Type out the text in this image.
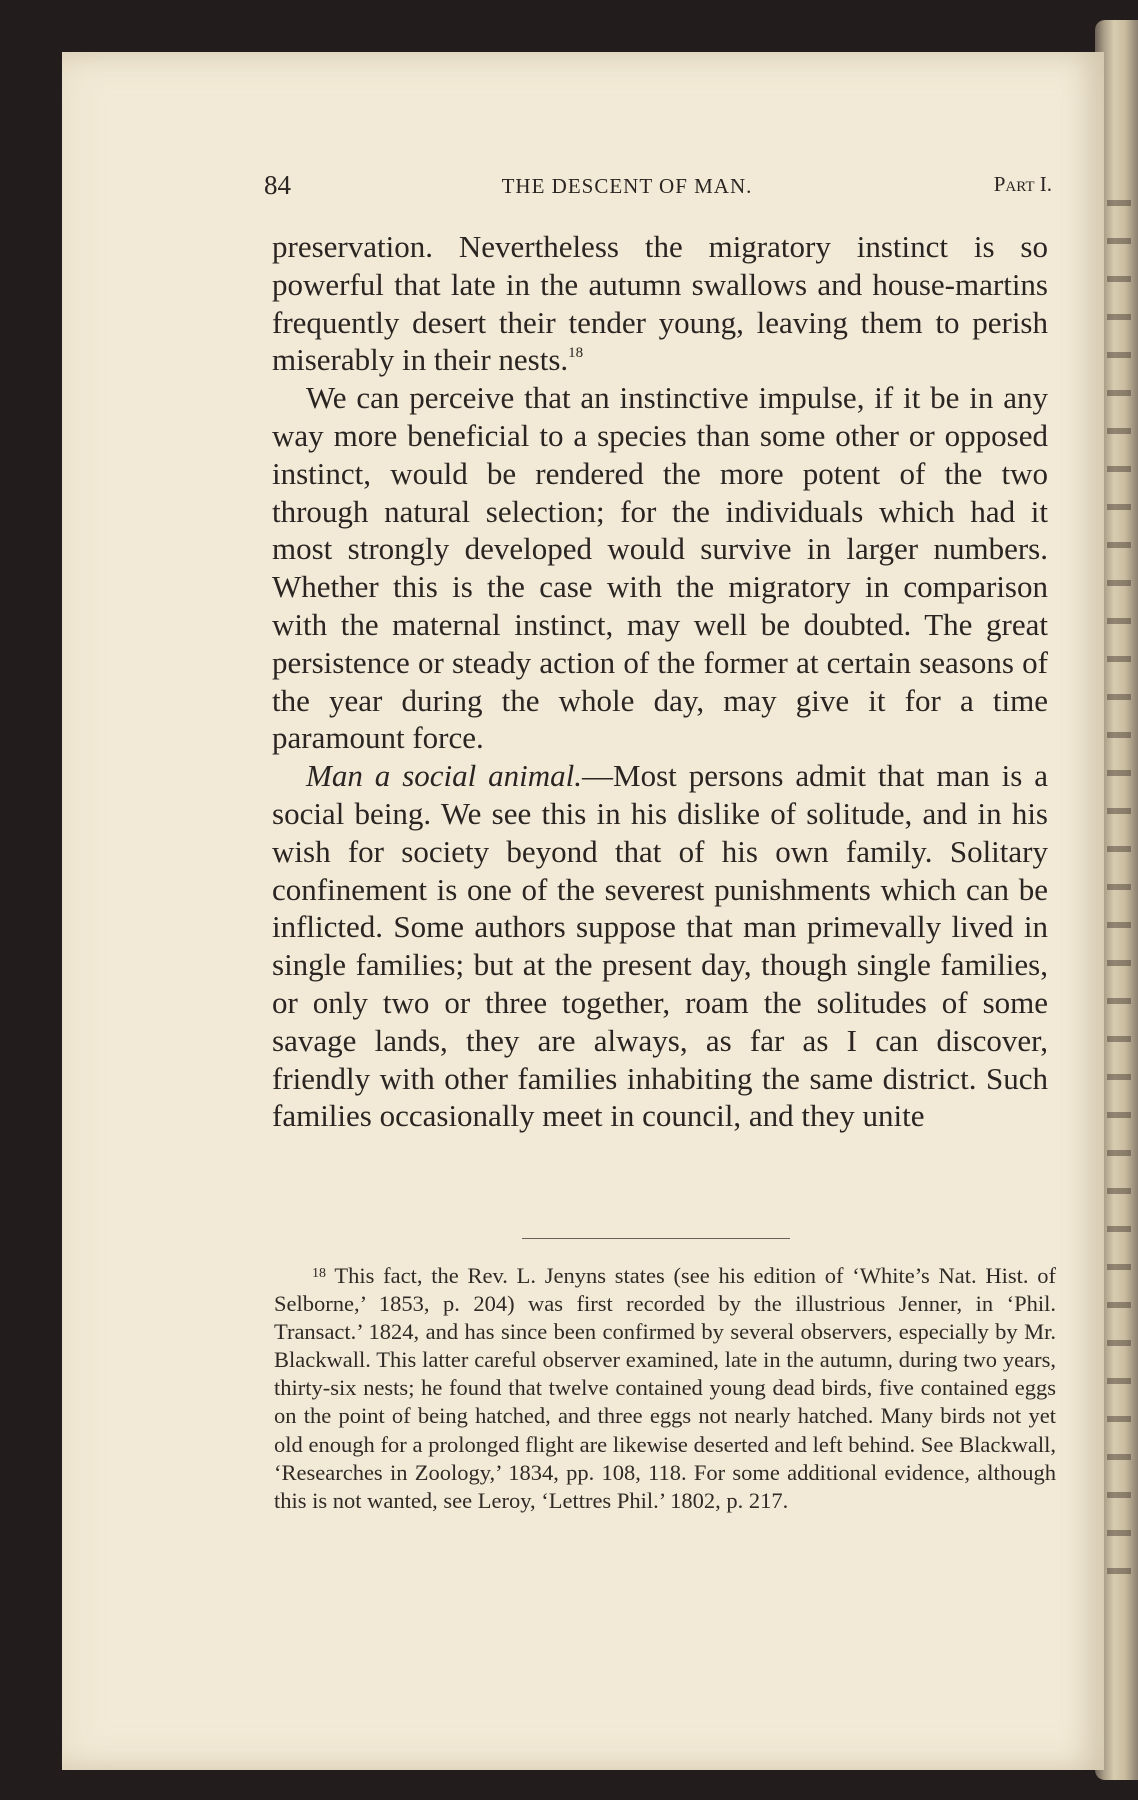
84	THE DESCENT OF MAN.	Part I.

preservation. Nevertheless the migratory instinct is so powerful that late in the autumn swallows and house-martins frequently desert their tender young, leaving them to perish miserably in their nests.$^{18}$

We can perceive that an instinctive impulse, if it be in any way more beneficial to a species than some other or opposed instinct, would be rendered the more potent of the two through natural selection; for the individuals which had it most strongly developed would survive in larger numbers. Whether this is the case with the migratory in comparison with the maternal instinct, may well be doubted. The great persistence or steady action of the former at certain seasons of the year during the whole day, may give it for a time paramount force.

Man a social animal.—Most persons admit that man is a social being. We see this in his dislike of solitude, and in his wish for society beyond that of his own family. Solitary confinement is one of the severest punishments which can be inflicted. Some authors suppose that man primevally lived in single families; but at the present day, though single families, or only two or three together, roam the solitudes of some savage lands, they are always, as far as I can discover, friendly with other families inhabiting the same district. Such families occasionally meet in council, and they unite

$^{18}$ This fact, the Rev. L. Jenyns states (see his edition of ‘White’s Nat. Hist. of Selborne,’ 1853, p. 204) was first recorded by the illustrious Jenner, in ‘Phil. Transact.’ 1824, and has since been confirmed by several observers, especially by Mr. Blackwall. This latter careful observer examined, late in the autumn, during two years, thirty-six nests; he found that twelve contained young dead birds, five contained eggs on the point of being hatched, and three eggs not nearly hatched. Many birds not yet old enough for a prolonged flight are likewise deserted and left behind. See Blackwall, ‘Researches in Zoology,’ 1834, pp. 108, 118. For some additional evidence, although this is not wanted, see Leroy, ‘Lettres Phil.’ 1802, p. 217.
